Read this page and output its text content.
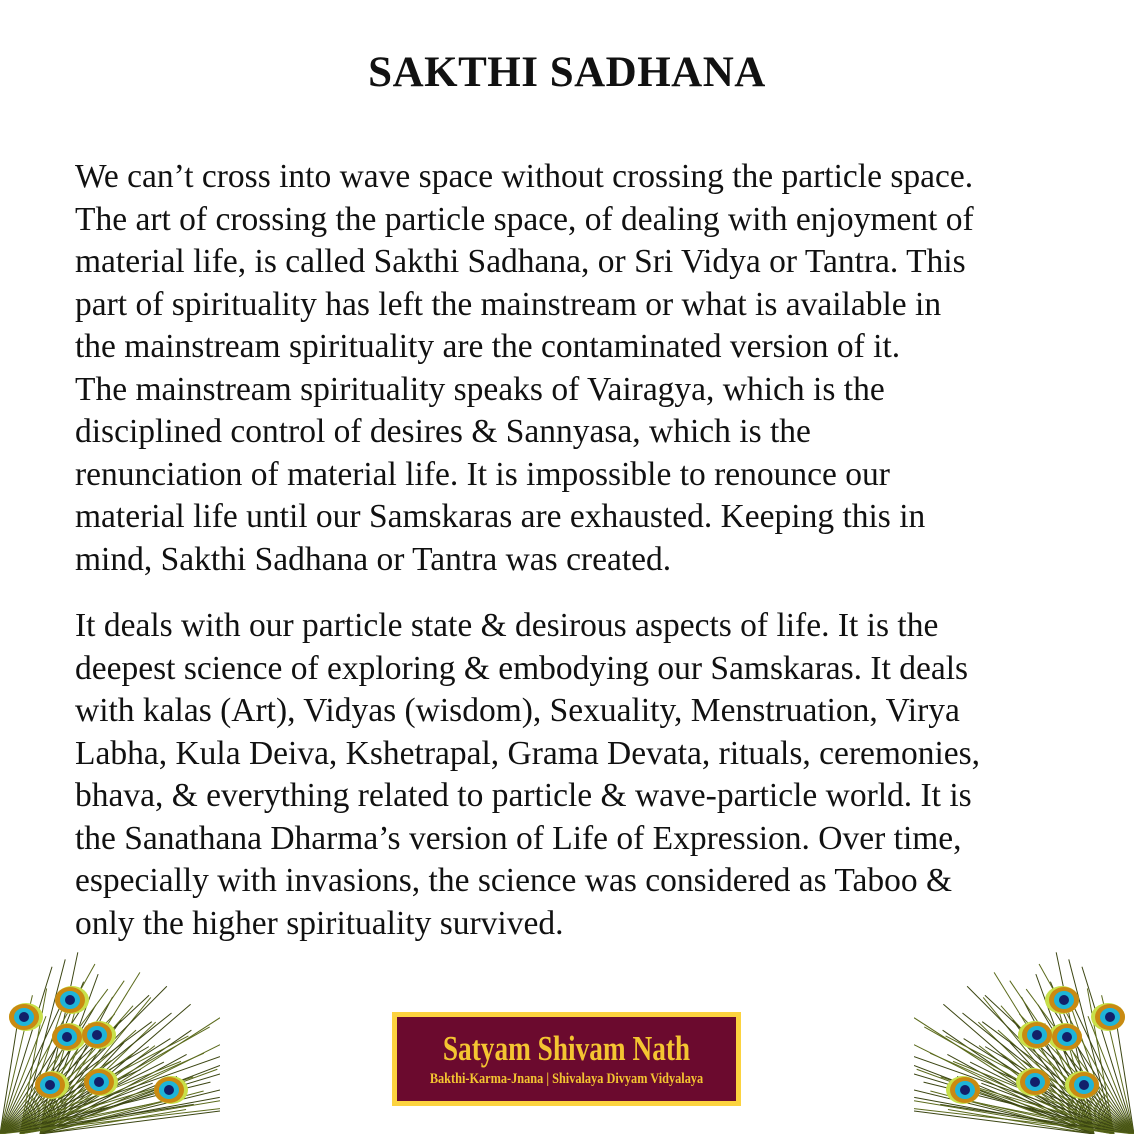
SAKTHI SADHANA
We can’t cross into wave space without crossing the particle space.
The art of crossing the particle space, of dealing with enjoyment of
material life, is called Sakthi Sadhana, or Sri Vidya or Tantra. This
part of spirituality has left the mainstream or what is available in
the mainstream spirituality are the contaminated version of it.
The mainstream spirituality speaks of Vairagya, which is the
disciplined control of desires & Sannyasa, which is the
renunciation of material life. It is impossible to renounce our
material life until our Samskaras are exhausted. Keeping this in
mind, Sakthi Sadhana or Tantra was created.
It deals with our particle state & desirous aspects of life. It is the
deepest science of exploring & embodying our Samskaras. It deals
with kalas (Art), Vidyas (wisdom), Sexuality, Menstruation, Virya
Labha, Kula Deiva, Kshetrapal, Grama Devata, rituals, ceremonies,
bhava, & everything related to particle & wave-particle world. It is
the Sanathana Dharma’s version of Life of Expression. Over time,
especially with invasions, the science was considered as Taboo &
only the higher spirituality survived.
Satyam Shivam Nath
Bakthi-Karma-Jnana | Shivalaya Divyam Vidyalaya
